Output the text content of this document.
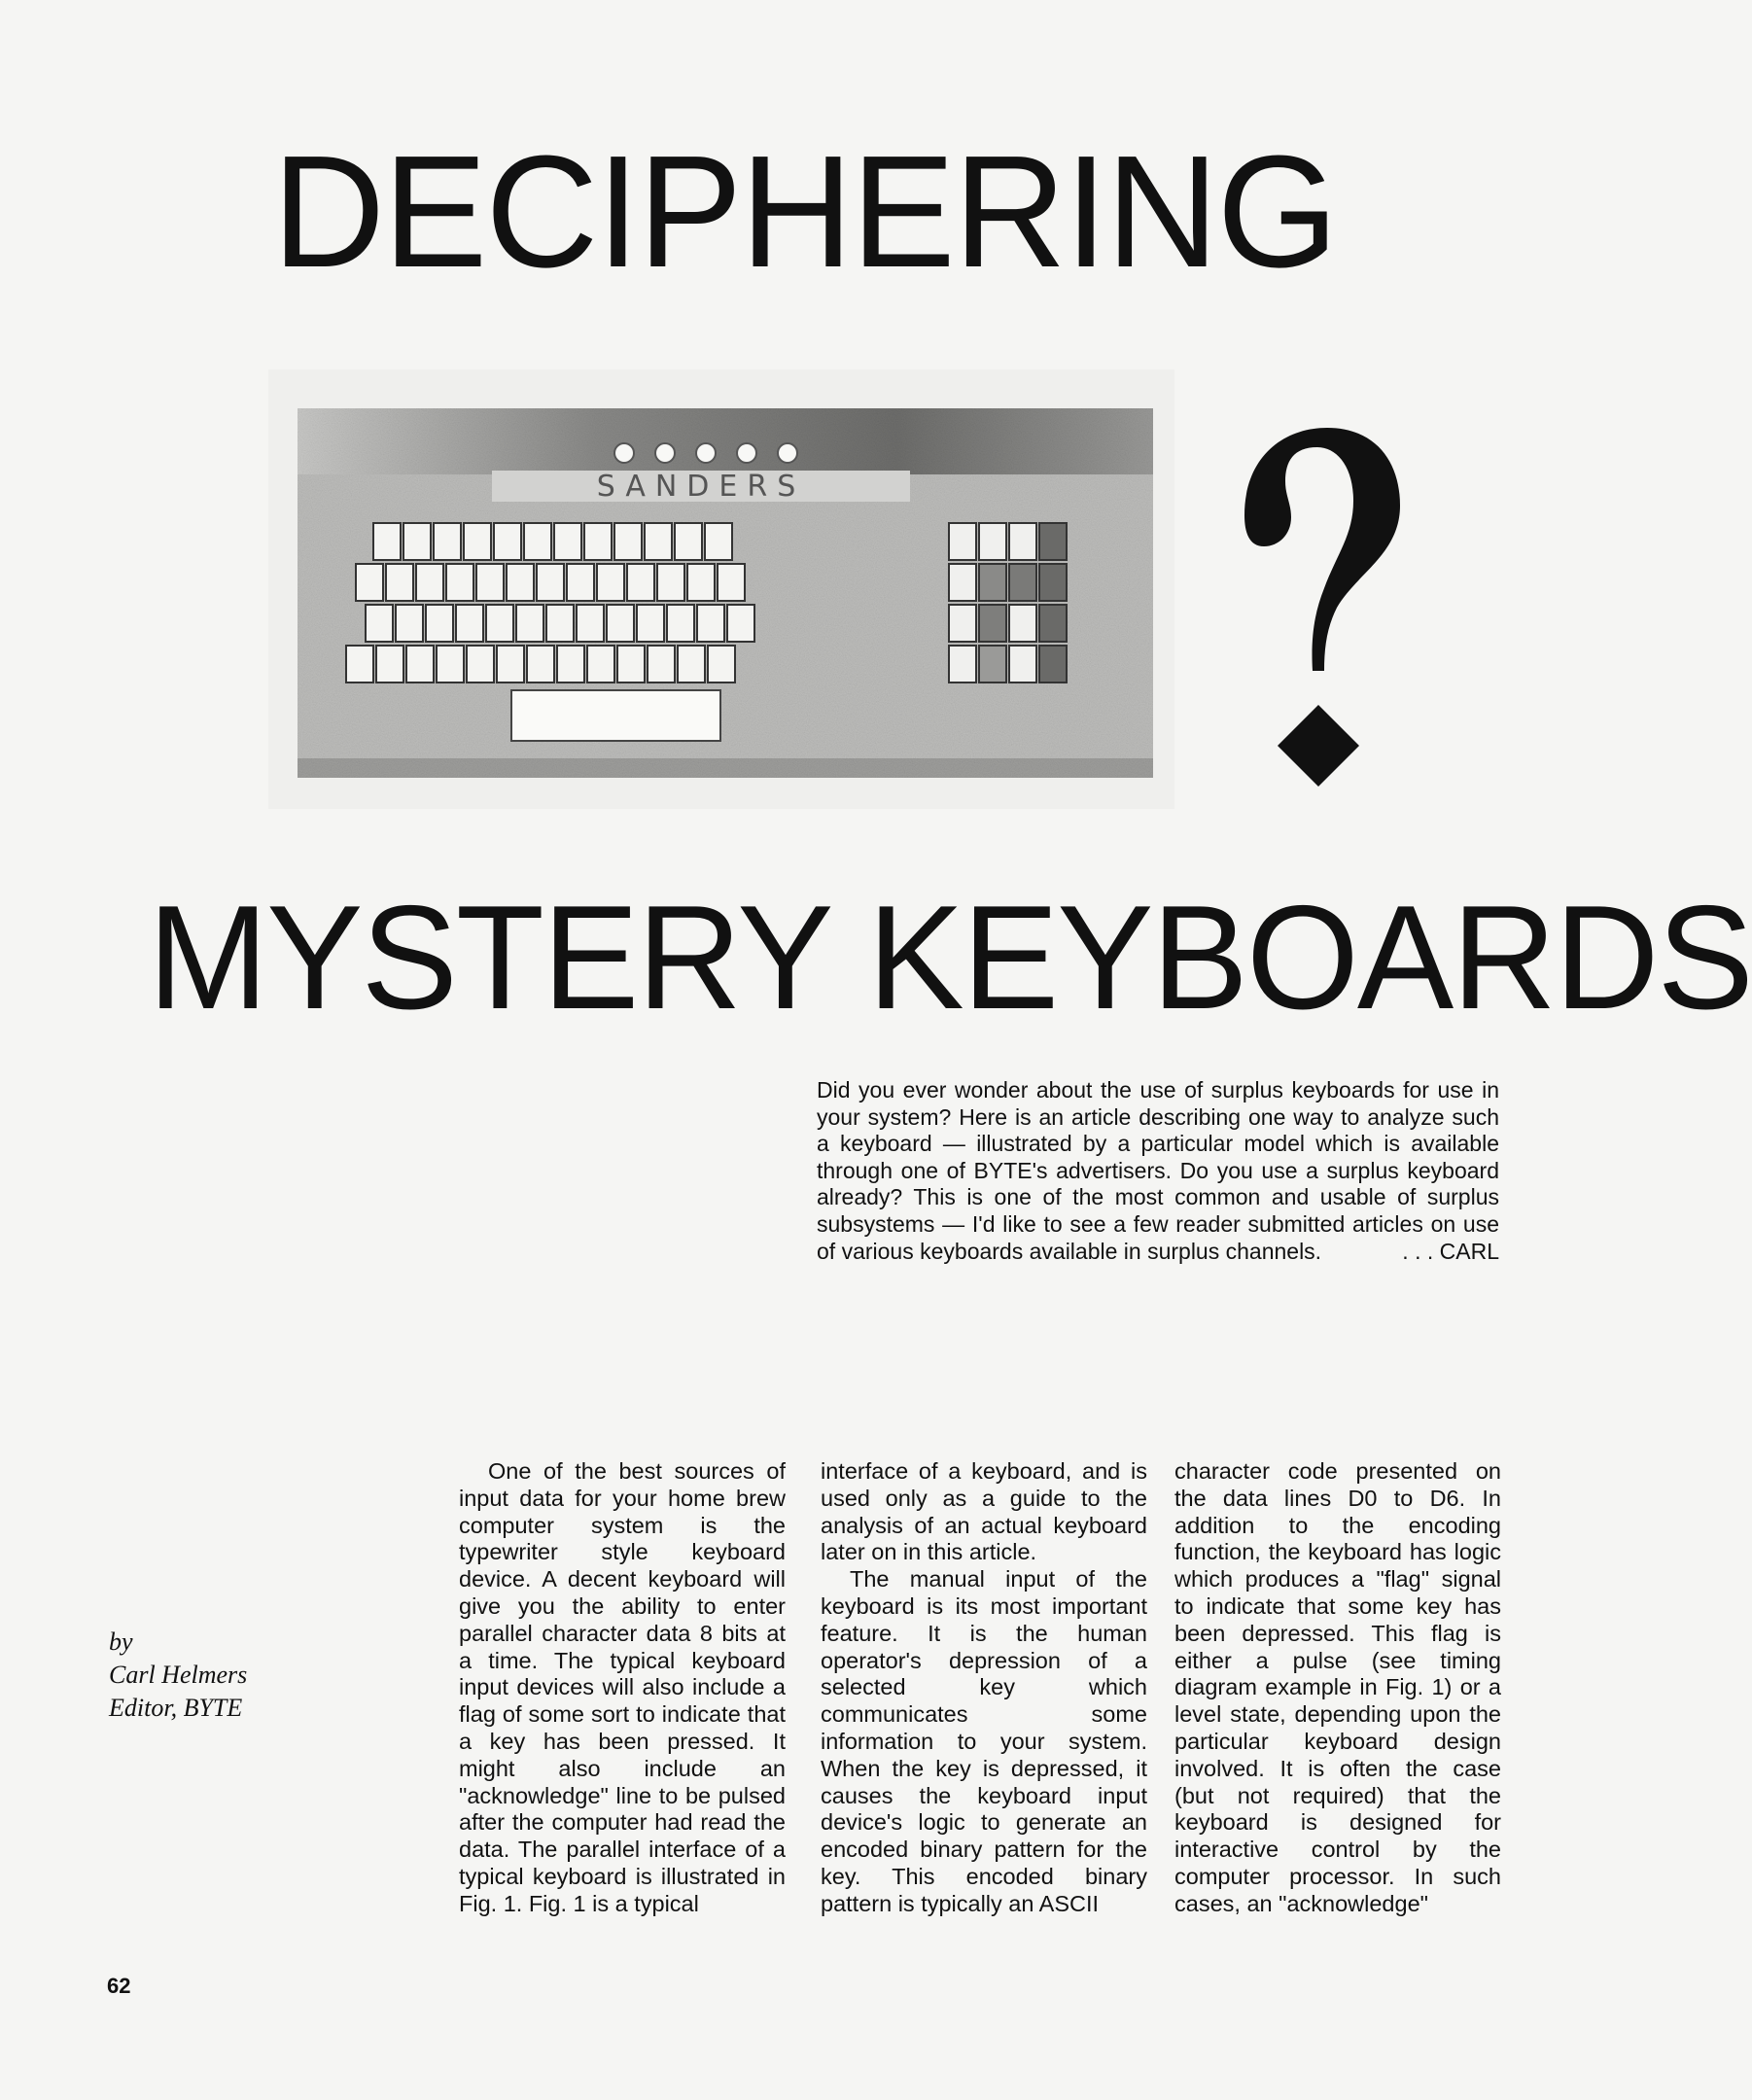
DECIPHERING
SANDERS
MYSTERY KEYBOARDS

Did you ever wonder about the use of surplus keyboards for use in your system? Here is an article describing one way to analyze such a keyboard — illustrated by a particular model which is available through one of BYTE's advertisers. Do you use a surplus keyboard already? This is one of the most common and usable of surplus subsystems — I'd like to see a few reader submitted articles on use of various keyboards available in surplus channels.	. . . CARL

by
Carl Helmers
Editor, BYTE

One of the best sources of input data for your home brew computer system is the typewriter style keyboard device. A decent keyboard will give you the ability to enter parallel character data 8 bits at a time. The typical keyboard input devices will also include a flag of some sort to indicate that a key has been pressed. It might also include an "acknowledge" line to be pulsed after the computer had read the data. The parallel interface of a typical keyboard is illustrated in Fig. 1. Fig. 1 is a typical

interface of a keyboard, and is used only as a guide to the analysis of an actual keyboard later on in this article.

The manual input of the keyboard is its most important feature. It is the human operator's depression of a selected key which communicates some information to your system. When the key is depressed, it causes the keyboard input device's logic to generate an encoded binary pattern for the key. This encoded binary pattern is typically an ASCII

character code presented on the data lines D0 to D6. In addition to the encoding function, the keyboard has logic which produces a "flag" signal to indicate that some key has been depressed. This flag is either a pulse (see timing diagram example in Fig. 1) or a level state, depending upon the particular keyboard design involved. It is often the case (but not required) that the keyboard is designed for interactive control by the computer processor. In such cases, an "acknowledge"

62
